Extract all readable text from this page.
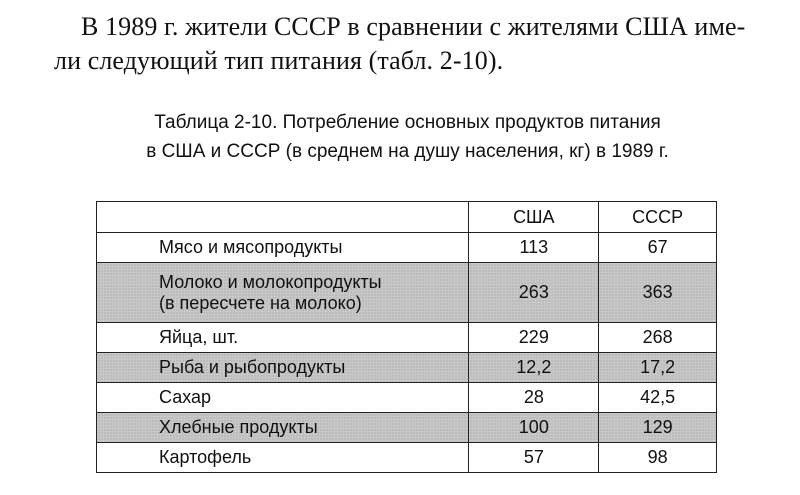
В 1989 г. жители СССР в сравнении с жителями США име-
ли следующий тип питания (табл. 2-10).
Таблица 2-10. Потребление основных продуктов питания
в США и СССР (в среднем на душу населения, кг) в 1989 г.
	США	СССР
Мясо и мясопродукты	113	67
Молоко и молокопродукты
(в пересчете на молоко)	263	363
Яйца, шт.	229	268
Рыба и рыбопродукты	12,2	17,2
Сахар	28	42,5
Хлебные продукты	100	129
Картофель	57	98
